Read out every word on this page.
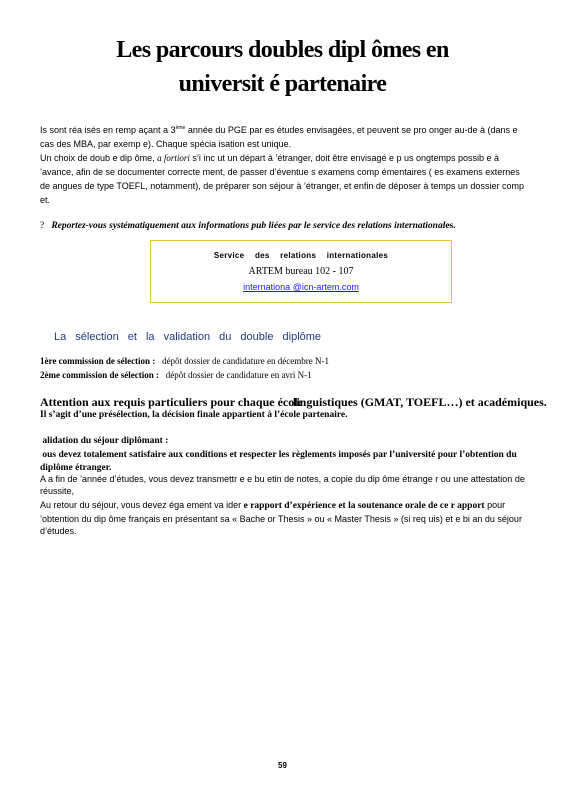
Les parcours doubles dipl ômes en
universit é partenaire

Is sont réa isés en remp açant a 3ème année du PGE par es études envisagées, et peuvent se pro onger au-de à (dans e cas des MBA, par exemp e). Chaque spécia isation est unique.

Un choix de doub e dip ôme, a fortiori s’i inc ut un départ à ’étranger, doit être envisagé e p us ongtemps possib e à ’avance, afin de se documenter correcte ment, de passer d’éventue s examens comp émentaires ( es examens externes de angues de type TOEFL, notamment), de préparer son séjour à ’étranger, et enfin de déposer à temps un dossier comp et.

? Reportez-vous systématiquement aux informations pub liées par le service des relations internationales.

Service des relations internationales
ARTEM bureau 102 - 107
internationa @icn-artem.com
La sélection et la validation du double diplôme
1ère commission de sélection : dépôt dossier de candidature en décembre N-1
2ème commission de sélection : dépôt dossier de candidature en avri N-1
Attention aux requis particuliers pour chaque école
linguistiques (GMAT, TOEFL…) et académiques.
Il s’agit d’une présélection, la décision finale appartient à l’école partenaire.
alidation du séjour diplômant :

ous devez totalement satisfaire aux conditions et respecter les règlements imposés par l’université pour l’obtention du diplôme étranger.

A a fin de ’année d’études, vous devez transmettr e e bu etin de notes, a copie du dip ôme étrange r ou une attestation de réussite,

Au retour du séjour, vous devez éga ement va ider e rapport d’expérience et la soutenance orale de ce r apport pour ’obtention du dip ôme français en présentant sa « Bache or Thesis » ou « Master Thesis » (si req uis) et e bi an du séjour d’études.

59
